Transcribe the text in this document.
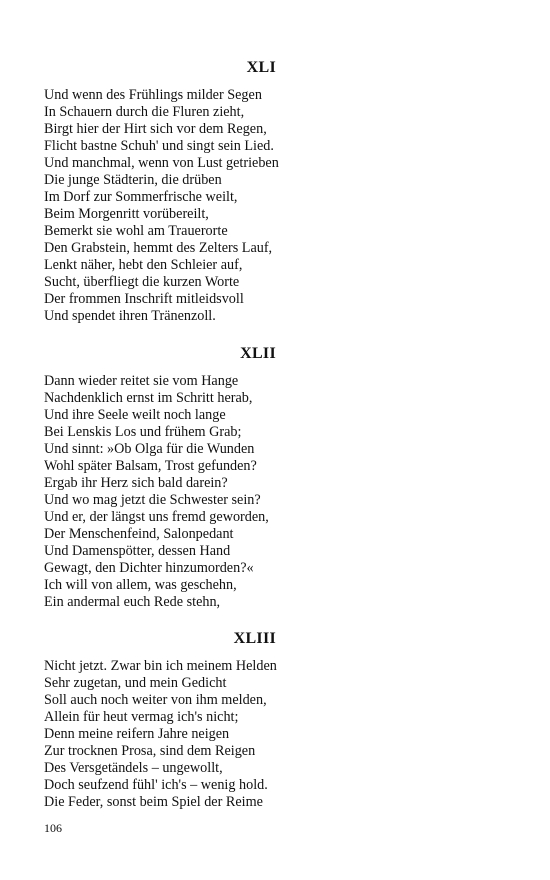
XLI
Und wenn des Frühlings milder Segen
In Schauern durch die Fluren zieht,
Birgt hier der Hirt sich vor dem Regen,
Flicht bastne Schuh' und singt sein Lied.
Und manchmal, wenn von Lust getrieben
Die junge Städterin, die drüben
Im Dorf zur Sommerfrische weilt,
Beim Morgenritt vorübereilt,
Bemerkt sie wohl am Trauerorte
Den Grabstein, hemmt des Zelters Lauf,
Lenkt näher, hebt den Schleier auf,
Sucht, überfliegt die kurzen Worte
Der frommen Inschrift mitleidsvoll
Und spendet ihren Tränenzoll.
XLII
Dann wieder reitet sie vom Hange
Nachdenklich ernst im Schritt herab,
Und ihre Seele weilt noch lange
Bei Lenskis Los und frühem Grab;
Und sinnt: »Ob Olga für die Wunden
Wohl später Balsam, Trost gefunden?
Ergab ihr Herz sich bald darein?
Und wo mag jetzt die Schwester sein?
Und er, der längst uns fremd geworden,
Der Menschenfeind, Salonpedant
Und Damenspötter, dessen Hand
Gewagt, den Dichter hinzumorden?«
Ich will von allem, was geschehn,
Ein andermal euch Rede stehn,
XLIII
Nicht jetzt. Zwar bin ich meinem Helden
Sehr zugetan, und mein Gedicht
Soll auch noch weiter von ihm melden,
Allein für heut vermag ich's nicht;
Denn meine reifern Jahre neigen
Zur trocknen Prosa, sind dem Reigen
Des Versgetändels – ungewollt,
Doch seufzend fühl' ich's – wenig hold.
Die Feder, sonst beim Spiel der Reime
106
